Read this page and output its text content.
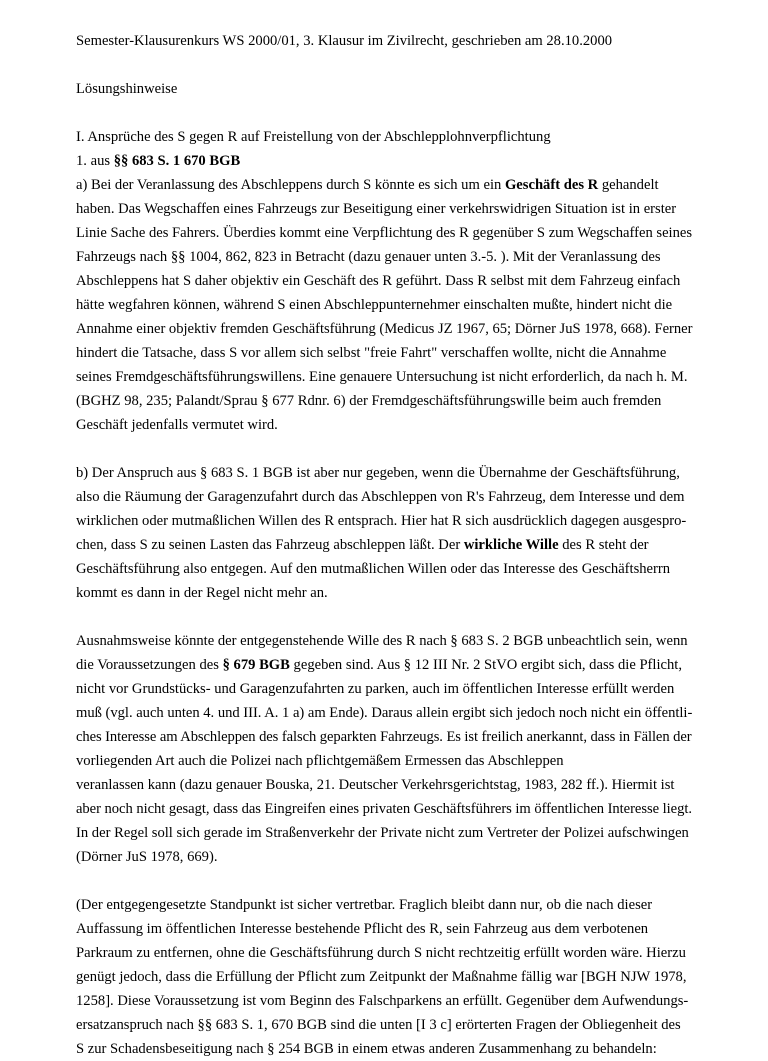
Semester-Klausurenkurs WS 2000/01, 3. Klausur im Zivilrecht, geschrieben am 28.10.2000
Lösungshinweise
I. Ansprüche des S gegen R auf Freistellung von der Abschlepplohnverpflichtung
1. aus §§ 683 S. 1 670 BGB
a) Bei der Veranlassung des Abschleppens durch S könnte es sich um ein Geschäft des R gehandelt
haben. Das Wegschaffen eines Fahrzeugs zur Beseitigung einer verkehrswidrigen Situation ist in erster
Linie Sache des Fahrers. Überdies kommt eine Verpflichtung des R gegenüber S zum Wegschaffen seines
Fahrzeugs nach §§ 1004, 862, 823 in Betracht (dazu genauer unten 3.-5. ). Mit der Veranlassung des
Abschleppens hat S daher objektiv ein Geschäft des R geführt. Dass R selbst mit dem Fahrzeug einfach
hätte wegfahren können, während S einen Abschleppunternehmer einschalten mußte, hindert nicht die
Annahme einer objektiv fremden Geschäftsführung (Medicus JZ 1967, 65; Dörner JuS 1978, 668). Ferner
hindert die Tatsache, dass S vor allem sich selbst "freie Fahrt" verschaffen wollte, nicht die Annahme
seines Fremdgeschäftsführungswillens. Eine genauere Untersuchung ist nicht erforderlich, da nach h. M.
(BGHZ 98, 235; Palandt/Sprau § 677 Rdnr. 6) der Fremdgeschäftsführungswille beim auch fremden
Geschäft jedenfalls vermutet wird.
b) Der Anspruch aus § 683 S. 1 BGB ist aber nur gegeben, wenn die Übernahme der Geschäftsführung,
also die Räumung der Garagenzufahrt durch das Abschleppen von R's Fahrzeug, dem Interesse und dem
wirklichen oder mutmaßlichen Willen des R entsprach. Hier hat R sich ausdrücklich dagegen ausgespro-
chen, dass S zu seinen Lasten das Fahrzeug abschleppen läßt. Der wirkliche Wille des R steht der
Geschäftsführung also entgegen. Auf den mutmaßlichen Willen oder das Interesse des Geschäftsherrn
kommt es dann in der Regel nicht mehr an.
Ausnahmsweise könnte der entgegenstehende Wille des R nach § 683 S. 2 BGB unbeachtlich sein, wenn
die Voraussetzungen des § 679 BGB gegeben sind. Aus § 12 III Nr. 2 StVO ergibt sich, dass die Pflicht,
nicht vor Grundstücks- und Garagenzufahrten zu parken, auch im öffentlichen Interesse erfüllt werden
muß (vgl. auch unten 4. und III. A. 1 a) am Ende). Daraus allein ergibt sich jedoch noch nicht ein öffentli-
ches Interesse am Abschleppen des falsch geparkten Fahrzeugs. Es ist freilich anerkannt, dass in Fällen der
vorliegenden Art auch die Polizei nach pflichtgemäßem Ermessen das Abschleppen
veranlassen kann (dazu genauer Bouska, 21. Deutscher Verkehrsgerichtstag, 1983, 282 ff.). Hiermit ist
aber noch nicht gesagt, dass das Eingreifen eines privaten Geschäftsführers im öffentlichen Interesse liegt.
In der Regel soll sich gerade im Straßenverkehr der Private nicht zum Vertreter der Polizei aufschwingen
(Dörner JuS 1978, 669).
(Der entgegengesetzte Standpunkt ist sicher vertretbar. Fraglich bleibt dann nur, ob die nach dieser
Auffassung im öffentlichen Interesse bestehende Pflicht des R, sein Fahrzeug aus dem verbotenen
Parkraum zu entfernen, ohne die Geschäftsführung durch S nicht rechtzeitig erfüllt worden wäre. Hierzu
genügt jedoch, dass die Erfüllung der Pflicht zum Zeitpunkt der Maßnahme fällig war [BGH NJW 1978,
1258]. Diese Voraussetzung ist vom Beginn des Falschparkens an erfüllt. Gegenüber dem Aufwendungs-
ersatzanspruch nach §§ 683 S. 1, 670 BGB sind die unten [I 3 c] erörterten Fragen der Obliegenheit des
S zur Schadensbeseitigung nach § 254 BGB in einem etwas anderen Zusammenhang zu behandeln:
